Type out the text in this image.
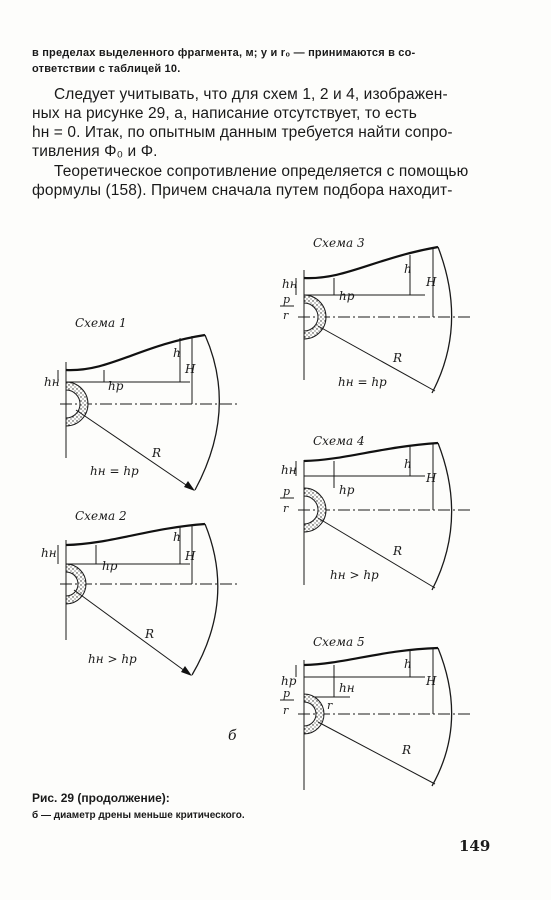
в пределах выделенного фрагмента, м; y и r₀ — принимаются в со-
ответствии с таблицей 10.
Следует учитывать, что для схем 1, 2 и 4, изображен-
ных на рисунке 29, а, написание отсутствует, то есть
hн = 0. Итак, по опытным данным требуется найти сопро-
тивления Φ₀ и Φ.
Теоретическое сопротивление определяется с помощью
формулы (158). Причем сначала путем подбора находит-
Схема 1
h
H
hр
hн
R
hн = hр
Схема 2
h
H
hр
hн
R
hн > hр
Схема 3
h
H
hр
hн
p
r
R
hн = hр
Схема 4
h
H
hр
hн
p
r
R
hн > hр
Схема 5
h
H
hн
hр
p
r	r
R
б
Рис. 29 (продолжение):
б — диаметр дрены меньше критического.
149
